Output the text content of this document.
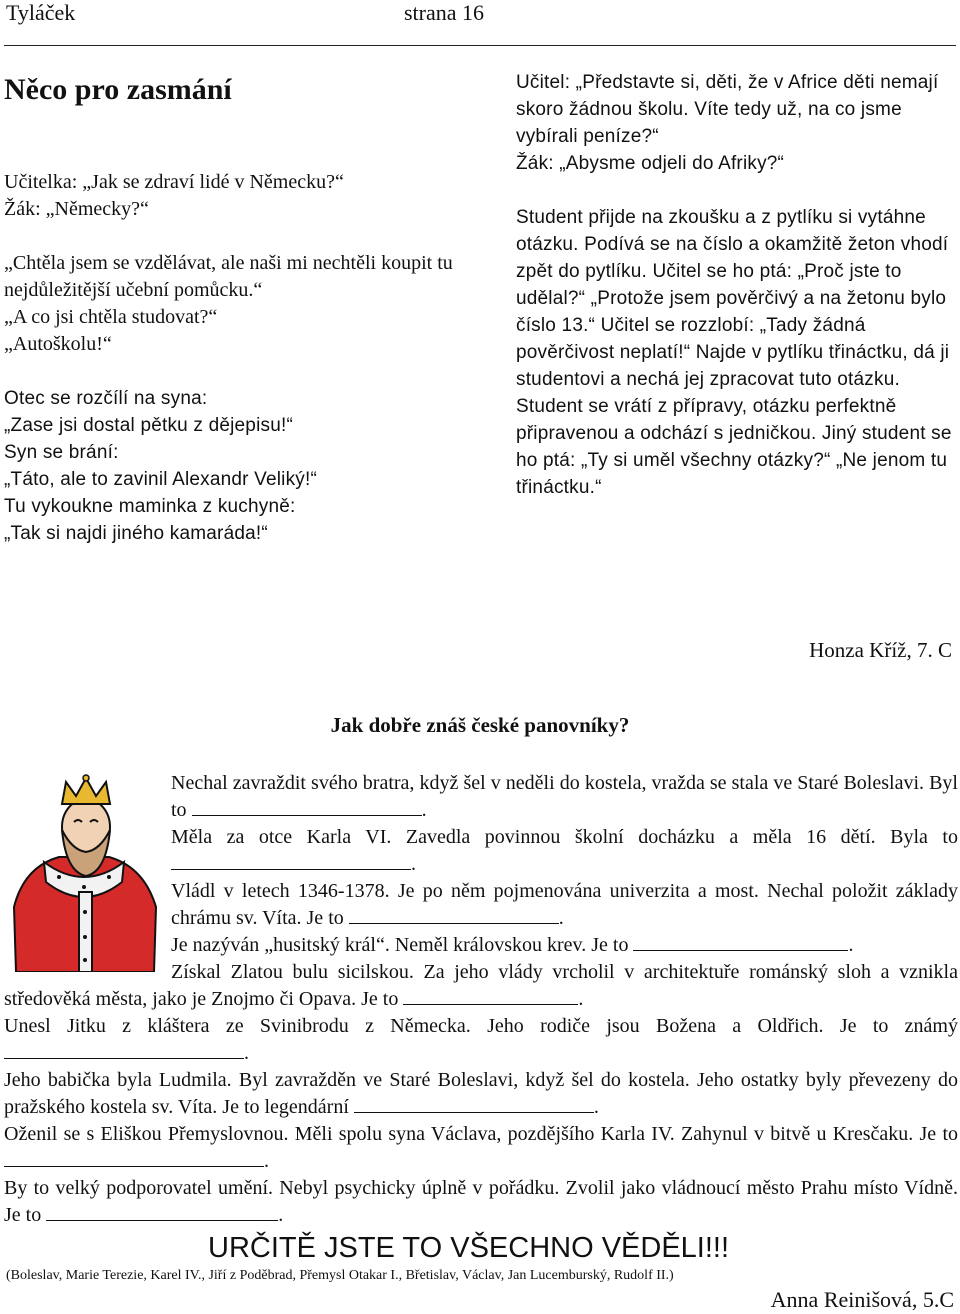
Tyláček	strana 16
Něco pro zasmání

Učitelka: „Jak se zdraví lidé v Německu?“

Žák: „Německy?“

„Chtěla jsem se vzdělávat, ale naši mi nechtěli koupit tu nejdůležitější učební pomůcku.“

„A co jsi chtěla studovat?“

„Autoškolu!“

Otec se rozčílí na syna:

„Zase jsi dostal pětku z dějepisu!“

Syn se brání:

„Táto, ale to zavinil Alexandr Veliký!“

Tu vykoukne maminka z kuchyně:

„Tak si najdi jiného kamaráda!“

Učitel: „Představte si, děti, že v Africe děti nemají skoro žádnou školu. Víte tedy už, na co jsme vybírali peníze?“

Žák: „Abysme odjeli do Afriky?“

Student přijde na zkoušku a z pytlíku si vytáhne otázku. Podívá se na číslo a okamžitě žeton vhodí zpět do pytlíku. Učitel se ho ptá: „Proč jste to udělal?“ „Protože jsem pověrčivý a na žetonu bylo číslo 13.“ Učitel se rozzlobí: „Tady žádná pověrčivost neplatí!“ Najde v pytlíku třináctku, dá ji studentovi a nechá jej zpracovat tuto otázku. Student se vrátí z přípravy, otázku perfektně připravenou a odchází s jedničkou. Jiný student se ho ptá: „Ty si uměl všechny otázky?“ „Ne jenom tu třináctku.“

Honza Kříž, 7. C
Jak dobře znáš české panovníky?

Nechal zavraždit svého bratra, když šel v neděli do kostela, vražda se stala ve Staré Boleslavi. Byl to	.

Měla za otce Karla VI. Zavedla povinnou školní docházku a měla 16 dětí. Byla to .

Vládl v letech 1346-1378. Je po něm pojmenována univerzita a most. Nechal položit základy chrámu sv. Víta. Je to	.

Je nazýván „husitský král“. Neměl královskou krev. Je to	.

Získal Zlatou bulu sicilskou. Za jeho vlády vrcholil v architektuře románský sloh a vznikla středověká města, jako je Znojmo či Opava. Je to	.

Unesl Jitku z kláštera ze Svinibrodu z Německa. Jeho rodiče jsou Božena a Oldřich. Je to známý .

Jeho babička byla Ludmila. Byl zavražděn ve Staré Boleslavi, když šel do kostela. Jeho ostatky byly převezeny do pražského kostela sv. Víta. Je to legendární	.

Oženil se s Eliškou Přemyslovnou. Měli spolu syna Václava, pozdějšího Karla IV. Zahynul v bitvě u Kresčaku. Je to .

By to velký podporovatel umění. Nebyl psychicky úplně v pořádku. Zvolil jako vládnoucí město Prahu místo Vídně. Je to	.

URČITĚ JSTE TO VŠECHNO VĚDĚLI!!!
(Boleslav, Marie Terezie, Karel IV., Jiří z Poděbrad, Přemysl Otakar I., Břetislav, Václav, Jan Lucemburský, Rudolf II.)
Anna Reinišová, 5.C
